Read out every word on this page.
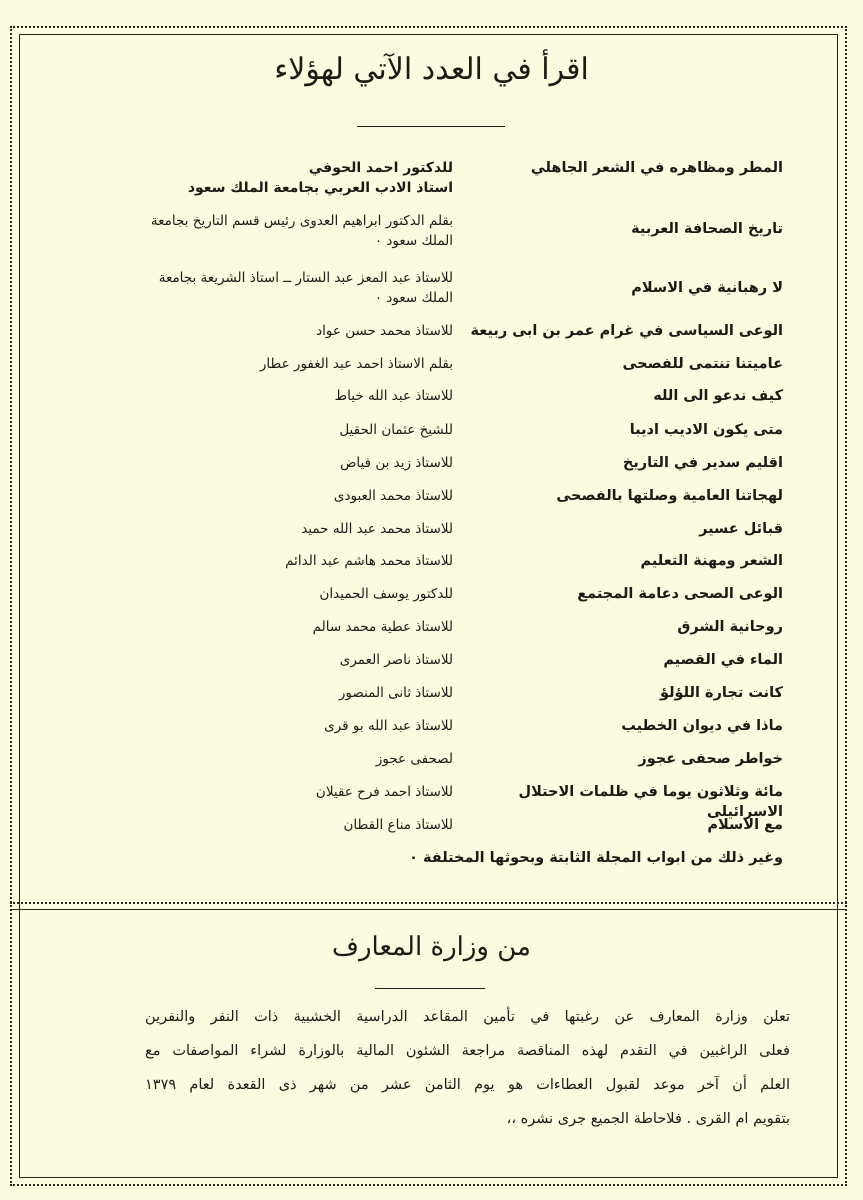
اقرأ في العدد الآتي لهؤلاء
المطر ومظاهره في الشعر الجاهلي
للدكتور احمد الحوفي
استاذ الادب العربي بجامعة الملك سعود
تاريخ الصحافة العربية
بقلم الدكتور ابراهيم العدوى رئيس قسم التاريخ بجامعة
الملك سعود ٠
لا رهبانية في الاسلام
للاستاذ عبد المعز عبد الستار ــ استاذ الشريعة بجامعة
الملك سعود ٠
الوعى السياسى في غرام عمر بن ابى ربيعة
للاستاذ محمد حسن عواد
عاميتنا تنتمى للفصحى
بقلم الاستاذ احمد عبد الغفور عطار
كيف ندعو الى الله
للاستاذ عبد الله خياط
متى يكون الاديب اديبا
للشيخ عثمان الحقيل
اقليم سدير في التاريخ
للاستاذ زيد بن فياض
لهجاتنا العامية وصلتها بالفصحى
للاستاذ محمد العبودى
قبائل عسير
للاستاذ محمد عبد الله حميد
الشعر ومهنة التعليم
للاستاذ محمد هاشم عبد الدائم
الوعى الصحى دعامة المجتمع
للدكتور يوسف الحميدان
روحانية الشرق
للاستاذ عطية محمد سالم
الماء في القصيم
للاستاذ ناصر العمرى
كانت تجارة اللؤلؤ
للاستاذ ثانى المنصور
ماذا في ديوان الخطيب
للاستاذ عبد الله بو قرى
خواطر صحفى عجوز
لصحفى عجوز
مائة وثلاثون يوما في ظلمات الاحتلال الاسرائيلى
للاستاذ احمد فرح عقيلان
مع الاسلام
للاستاذ مناع القطان
وغير ذلك من ابواب المجلة الثابتة وبحوثها المختلفة ٠
من وزارة المعارف
تعلن وزارة المعارف عن رغبتها في تأمين المقاعد الدراسية الخشبية ذات النفر والنفرين
فعلى الراغبين في التقدم لهذه المناقصة مراجعة الشئون المالية بالوزارة لشراء المواصفات مع
العلم أن آخر موعد لقبول العطاءات هو يوم الثامن عشر من شهر ذى القعدة لعام ١٣٧٩
بتقويم ام القرى . فلاحاطة الجميع جرى نشره ،،
